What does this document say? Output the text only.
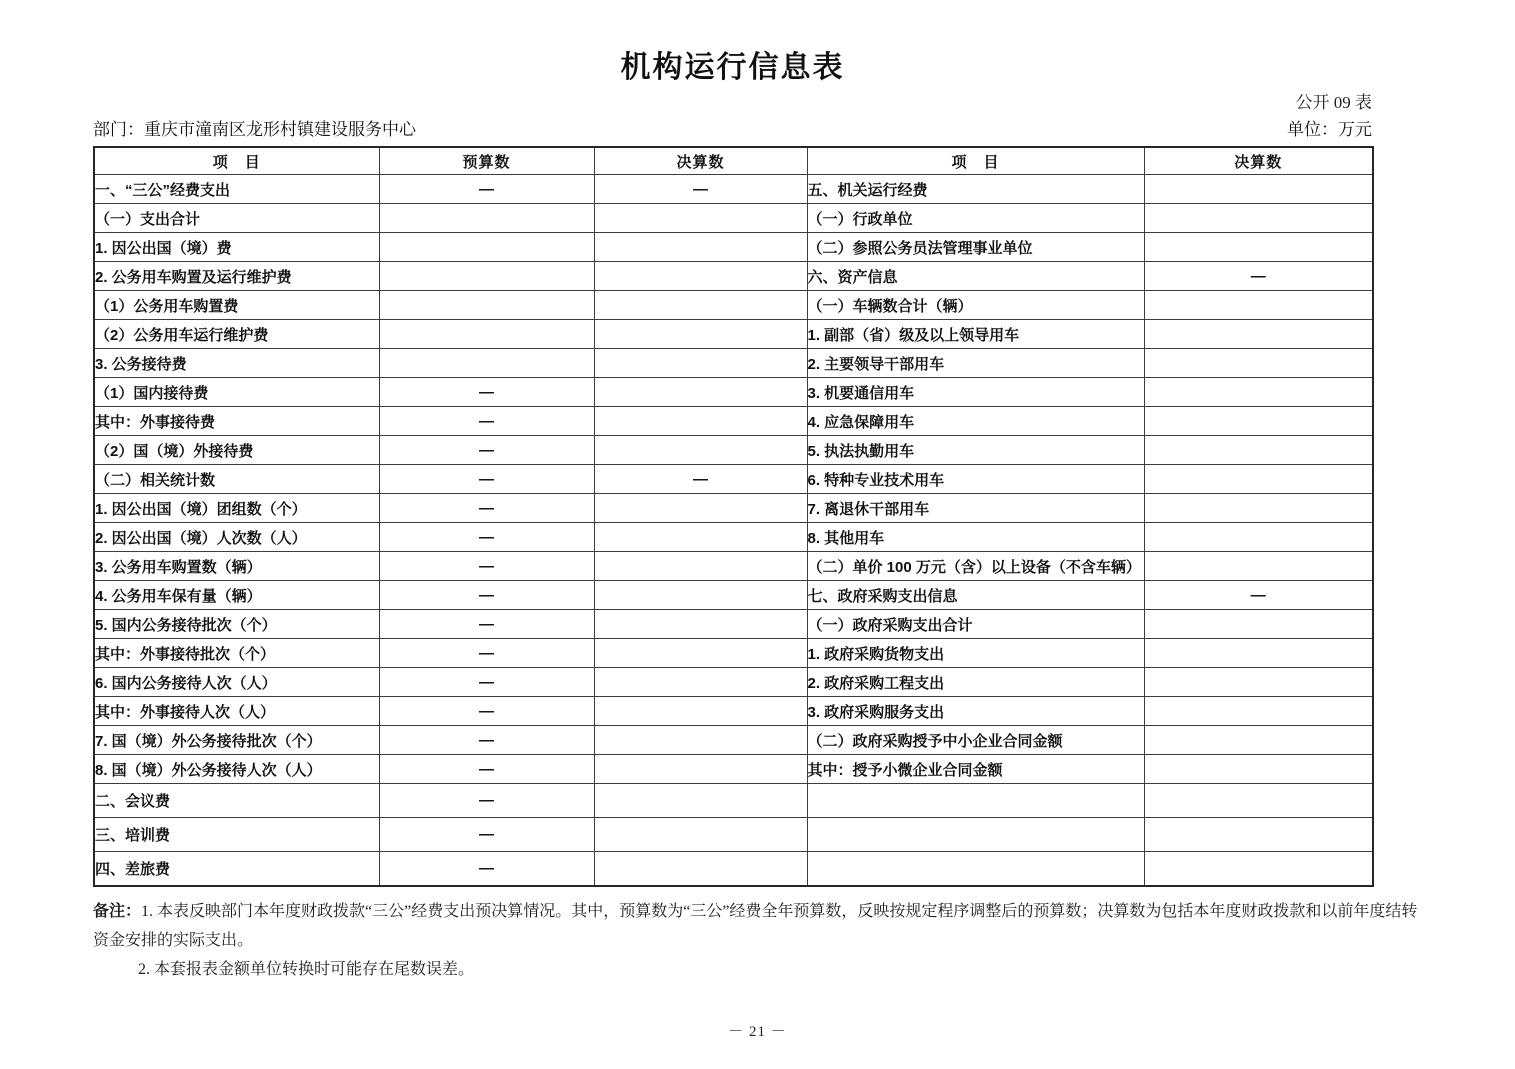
机构运行信息表
公开 09 表
部门：重庆市潼南区龙形村镇建设服务中心	单位：万元
项　目	预算数	决算数	项　目	决算数
一、“三公”经费支出	—	—	五、机关运行经费	
（一）支出合计			（一）行政单位	
1. 因公出国（境）费			（二）参照公务员法管理事业单位	
2. 公务用车购置及运行维护费			六、资产信息	—
（1）公务用车购置费			（一）车辆数合计（辆）	
（2）公务用车运行维护费			1. 副部（省）级及以上领导用车	
3. 公务接待费			2. 主要领导干部用车	
（1）国内接待费	—		3. 机要通信用车	
其中：外事接待费	—		4. 应急保障用车	
（2）国（境）外接待费	—		5. 执法执勤用车	
（二）相关统计数	—	—	6. 特种专业技术用车	
1. 因公出国（境）团组数（个）	—		7. 离退休干部用车	
2. 因公出国（境）人次数（人）	—		8. 其他用车	
3. 公务用车购置数（辆）	—		（二）单价 100 万元（含）以上设备（不含车辆）	
4. 公务用车保有量（辆）	—		七、政府采购支出信息	—
5. 国内公务接待批次（个）	—		（一）政府采购支出合计	
其中：外事接待批次（个）	—		1. 政府采购货物支出	
6. 国内公务接待人次（人）	—		2. 政府采购工程支出	
其中：外事接待人次（人）	—		3. 政府采购服务支出	
7. 国（境）外公务接待批次（个）	—		（二）政府采购授予中小企业合同金额	
8. 国（境）外公务接待人次（人）	—		其中：授予小微企业合同金额	
二、会议费	—			
三、培训费	—			
四、差旅费	—			
备注：1. 本表反映部门本年度财政拨款“三公”经费支出预决算情况。其中，预算数为“三公”经费全年预算数，反映按规定程序调整后的预算数；决算数为包括本年度财政拨款和以前年度结转
资金安排的实际支出。
2. 本套报表金额单位转换时可能存在尾数误差。
－ 21 －
